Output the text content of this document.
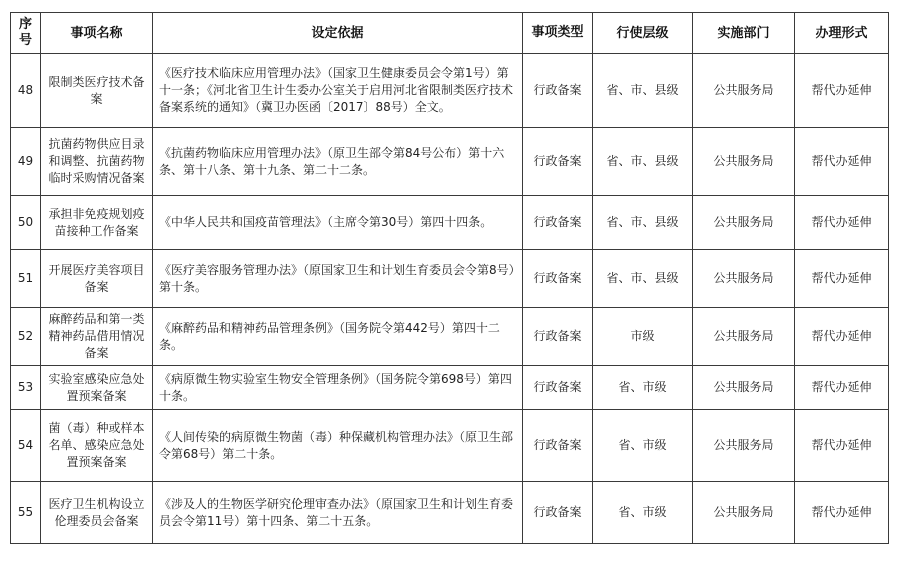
序号	事项名称	设定依据	事项类型	行使层级	实施部门	办理形式
48	限制类医疗技术备案	《医疗技术临床应用管理办法》（国家卫生健康委员会令第1号）第十一条；《河北省卫生计生委办公室关于启用河北省限制类医疗技术备案系统的通知》（冀卫办医函〔2017〕88号）全文。	行政备案	省、市、县级	公共服务局	帮代办延伸
49	抗菌药物供应目录和调整、抗菌药物临时采购情况备案	《抗菌药物临床应用管理办法》（原卫生部令第84号公布）第十六条、第十八条、第十九条、第二十二条。	行政备案	省、市、县级	公共服务局	帮代办延伸
50	承担非免疫规划疫苗接种工作备案	《中华人民共和国疫苗管理法》（主席令第30号）第四十四条。	行政备案	省、市、县级	公共服务局	帮代办延伸
51	开展医疗美容项目备案	《医疗美容服务管理办法》（原国家卫生和计划生育委员会令第8号）第十条。	行政备案	省、市、县级	公共服务局	帮代办延伸
52	麻醉药品和第一类精神药品借用情况备案	《麻醉药品和精神药品管理条例》（国务院令第442号）第四十二条。	行政备案	市级	公共服务局	帮代办延伸
53	实验室感染应急处置预案备案	《病原微生物实验室生物安全管理条例》（国务院令第698号）第四十条。	行政备案	省、市级	公共服务局	帮代办延伸
54	菌（毒）种或样本名单、感染应急处置预案备案	《人间传染的病原微生物菌（毒）种保藏机构管理办法》（原卫生部令第68号）第二十条。	行政备案	省、市级	公共服务局	帮代办延伸
55	医疗卫生机构设立伦理委员会备案	《涉及人的生物医学研究伦理审查办法》（原国家卫生和计划生育委员会令第11号）第十四条、第二十五条。	行政备案	省、市级	公共服务局	帮代办延伸
